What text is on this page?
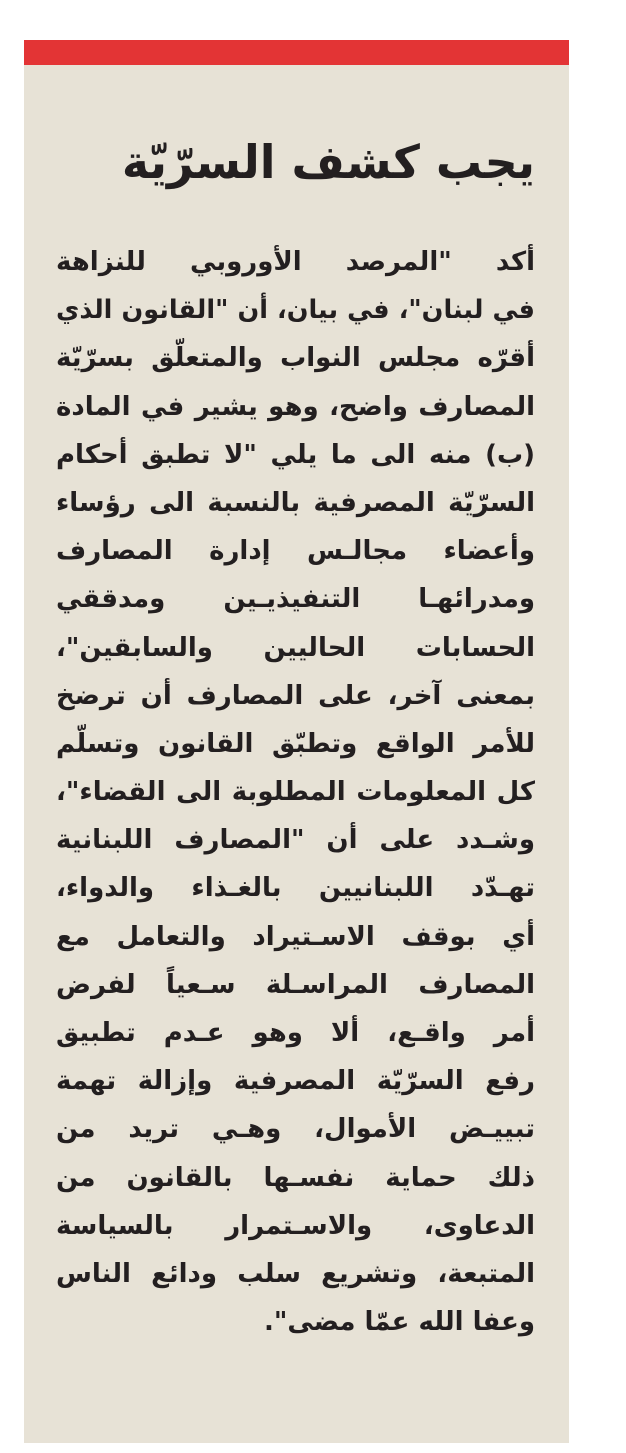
يجب كشف السرّيّة
أكد "المرصد الأوروبي للنزاهة
في لبنان"، في بيان، أن "القانون الذي
أقرّه مجلس النواب والمتعلّق بسرّيّة
المصارف واضح، وهو يشير في المادة
(ب) منه الى ما يلي "لا تطبق أحكام
السرّيّة المصرفية بالنسبة الى رؤساء
وأعضاء مجالـس إدارة المصارف
ومدرائهـا التنفيذيـين ومدققي
الحسابات الحاليين والسابقين"،
بمعنى آخر، على المصارف أن ترضخ
للأمر الواقع وتطبّق القانون وتسلّم
كل المعلومات المطلوبة الى القضاء"،
وشـدد على أن "المصارف اللبنانية
تهـدّد اللبنانيين بالغـذاء والدواء،
أي بوقف الاسـتيراد والتعامل مع
المصارف المراسـلة سـعياً لفرض
أمر واقـع، ألا وهو عـدم تطبيق
رفع السرّيّة المصرفية وإزالة تهمة
تبييـض الأموال، وهـي تريد من
ذلك حماية نفسـها بالقانون من
الدعاوى، والاسـتمرار بالسياسة
المتبعة، وتشريع سلب ودائع الناس
وعفا الله عمّا مضى".
